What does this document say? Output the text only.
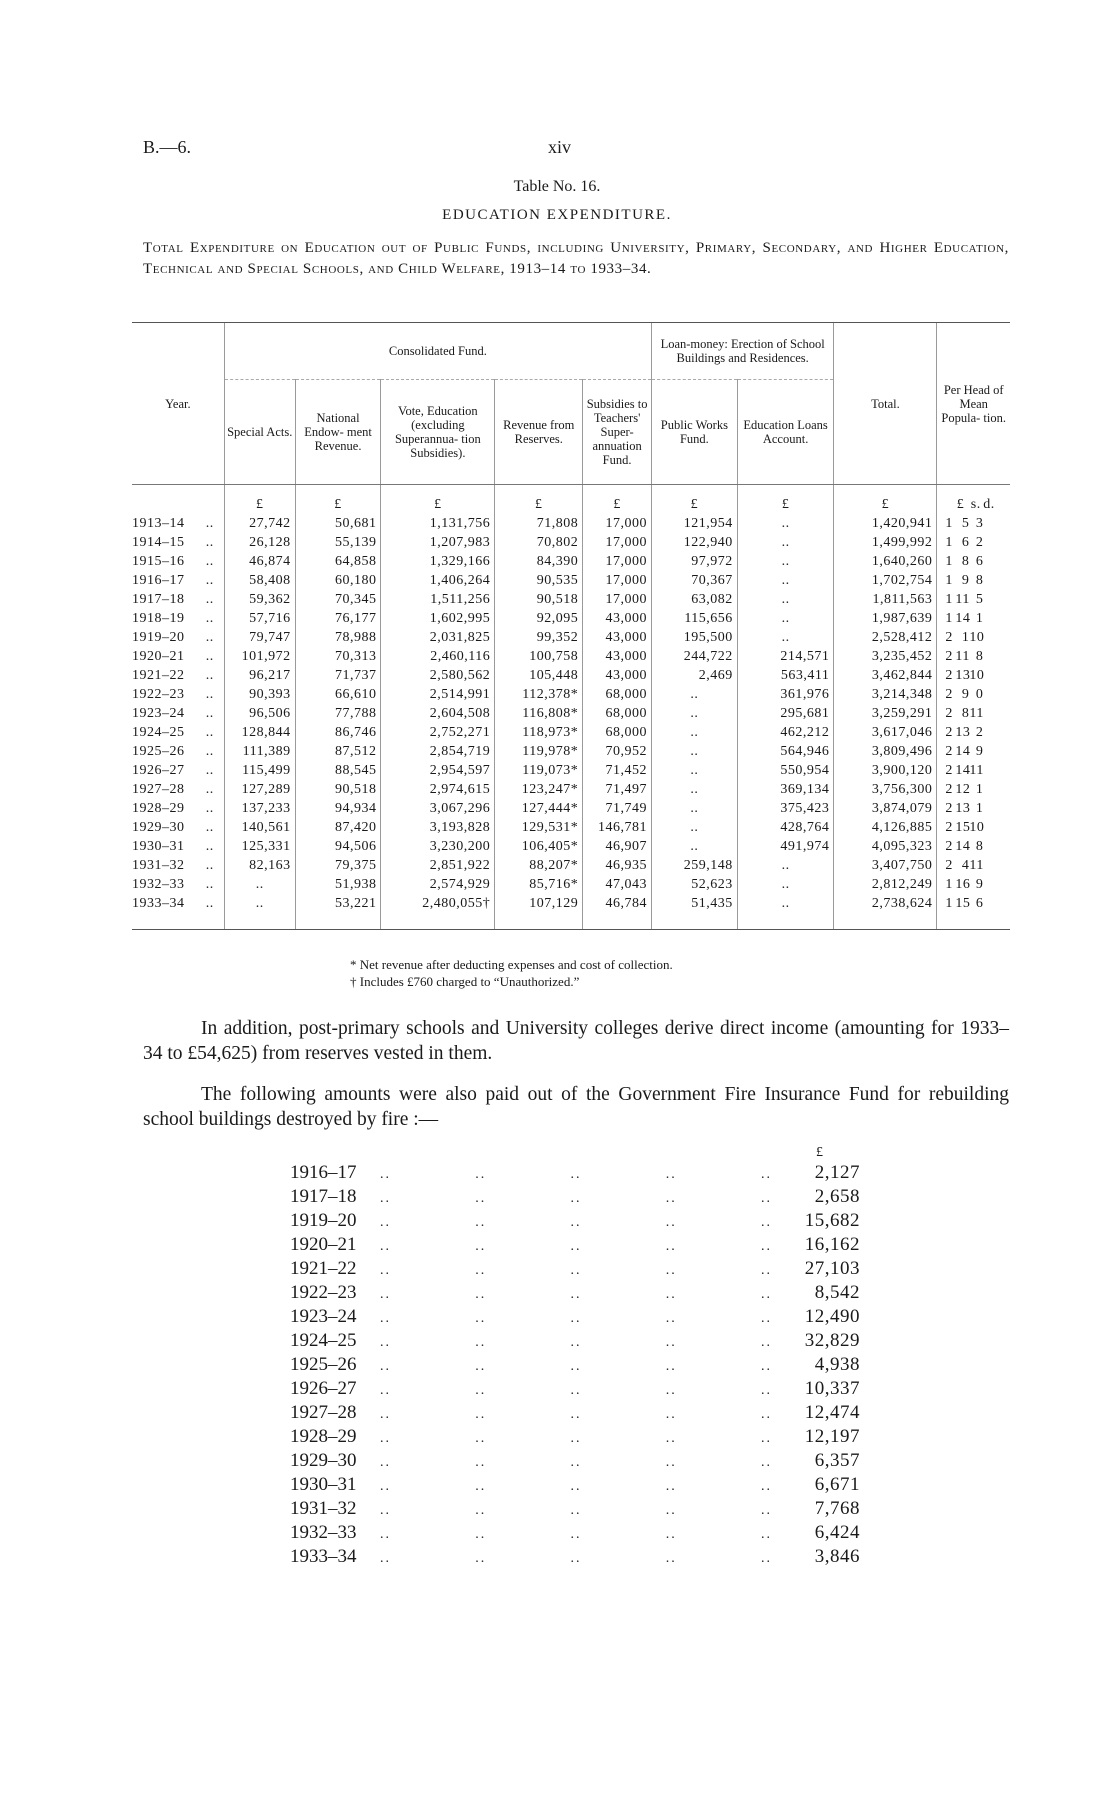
B.—6.	xiv
Table No. 16.
EDUCATION EXPENDITURE.
Total Expenditure on Education out of Public Funds, including University, Primary, Secondary, and Higher Education, Technical and Special Schools, and Child Welfare, 1913–14 to 1933–34.
Year.	Consolidated Fund.					Loan-money: Erection of School Buildings and Residences.		Total.	Per Head of Mean Popula- tion.
	Special Acts.	National Endow- ment Revenue.	Vote, Education (excluding Superannua- tion Subsidies).	Revenue from Reserves.	Subsidies to Teachers' Super- annuation Fund.	Public Works Fund.	Education Loans Account.		
	£	£	£	£	£	£	£	£	£ s. d.
1913–14 ..	27,742	50,681	1,131,756	71,808	17,000	121,954	..	1,420,941	1 5 3
1914–15 ..	26,128	55,139	1,207,983	70,802	17,000	122,940	..	1,499,992	1 6 2
1915–16 ..	46,874	64,858	1,329,166	84,390	17,000	97,972	..	1,640,260	1 8 6
1916–17 ..	58,408	60,180	1,406,264	90,535	17,000	70,367	..	1,702,754	1 9 8
1917–18 ..	59,362	70,345	1,511,256	90,518	17,000	63,082	..	1,811,563	1 11 5
1918–19 ..	57,716	76,177	1,602,995	92,095	43,000	115,656	..	1,987,639	1 14 1
1919–20 ..	79,747	78,988	2,031,825	99,352	43,000	195,500	..	2,528,412	2 110
1920–21 ..	101,972	70,313	2,460,116	100,758	43,000	244,722	214,571	3,235,452	2 11 8
1921–22 ..	96,217	71,737	2,580,562	105,448	43,000	2,469	563,411	3,462,844	2 1310
1922–23 ..	90,393	66,610	2,514,991	112,378*	68,000	..	361,976	3,214,348	2 9 0
1923–24 ..	96,506	77,788	2,604,508	116,808*	68,000	..	295,681	3,259,291	2 811
1924–25 ..	128,844	86,746	2,752,271	118,973*	68,000	..	462,212	3,617,046	2 13 2
1925–26 ..	111,389	87,512	2,854,719	119,978*	70,952	..	564,946	3,809,496	2 14 9
1926–27 ..	115,499	88,545	2,954,597	119,073*	71,452	..	550,954	3,900,120	2 1411
1927–28 ..	127,289	90,518	2,974,615	123,247*	71,497	..	369,134	3,756,300	2 12 1
1928–29 ..	137,233	94,934	3,067,296	127,444*	71,749	..	375,423	3,874,079	2 13 1
1929–30 ..	140,561	87,420	3,193,828	129,531*	146,781	..	428,764	4,126,885	2 1510
1930–31 ..	125,331	94,506	3,230,200	106,405*	46,907	..	491,974	4,095,323	2 14 8
1931–32 ..	82,163	79,375	2,851,922	88,207*	46,935	259,148	..	3,407,750	2 411
1932–33 ..	..	51,938	2,574,929	85,716*	47,043	52,623	..	2,812,249	1 16 9
1933–34 ..	..	53,221	2,480,055†	107,129	46,784	51,435	..	2,738,624	1 15 6
* Net revenue after deducting expenses and cost of collection.
† Includes £760 charged to “Unauthorized.”
In addition, post-primary schools and University colleges derive direct income (amounting for 1933–34 to £54,625) from reserves vested in them.
The following amounts were also paid out of the Government Fire Insurance Fund for rebuilding school buildings destroyed by fire :—
£
1916–17	..	..	..	..	..	2,127
1917–18	..	..	..	..	..	2,658
1919–20	..	..	..	..	..	15,682
1920–21	..	..	..	..	..	16,162
1921–22	..	..	..	..	..	27,103
1922–23	..	..	..	..	..	8,542
1923–24	..	..	..	..	..	12,490
1924–25	..	..	..	..	..	32,829
1925–26	..	..	..	..	..	4,938
1926–27	..	..	..	..	..	10,337
1927–28	..	..	..	..	..	12,474
1928–29	..	..	..	..	..	12,197
1929–30	..	..	..	..	..	6,357
1930–31	..	..	..	..	..	6,671
1931–32	..	..	..	..	..	7,768
1932–33	..	..	..	..	..	6,424
1933–34	..	..	..	..	..	3,846
